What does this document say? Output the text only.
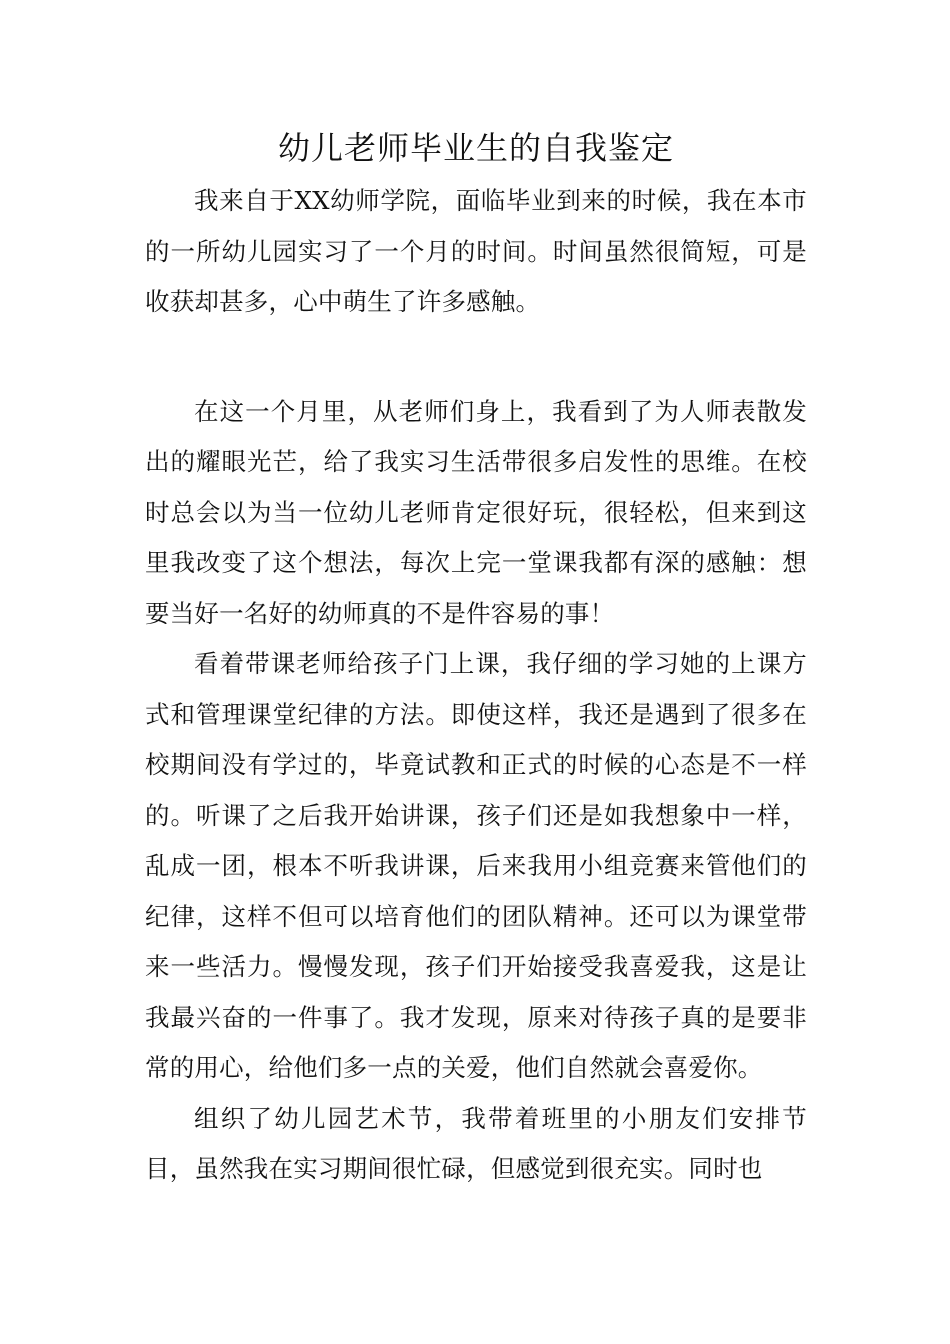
幼儿老师毕业生的自我鉴定

我来自于XX幼师学院，面临毕业到来的时候，我在本市的一所幼儿园实习了一个月的时间。时间虽然很简短，可是收获却甚多，心中萌生了许多感触。

在这一个月里，从老师们身上，我看到了为人师表散发出的耀眼光芒，给了我实习生活带很多启发性的思维。在校时总会以为当一位幼儿老师肯定很好玩，很轻松，但来到这里我改变了这个想法，每次上完一堂课我都有深的感触：想要当好一名好的幼师真的不是件容易的事！

看着带课老师给孩子门上课，我仔细的学习她的上课方式和管理课堂纪律的方法。即使这样，我还是遇到了很多在校期间没有学过的，毕竟试教和正式的时候的心态是不一样的。听课了之后我开始讲课，孩子们还是如我想象中一样，乱成一团，根本不听我讲课，后来我用小组竞赛来管他们的纪律，这样不但可以培育他们的团队精神。还可以为课堂带来一些活力。慢慢发现，孩子们开始接受我喜爱我，这是让我最兴奋的一件事了。我才发现，原来对待孩子真的是要非常的用心，给他们多一点的关爱，他们自然就会喜爱你。

组织了幼儿园艺术节，我带着班里的小朋友们安排节目，虽然我在实习期间很忙碌，但感觉到很充实。同时也
